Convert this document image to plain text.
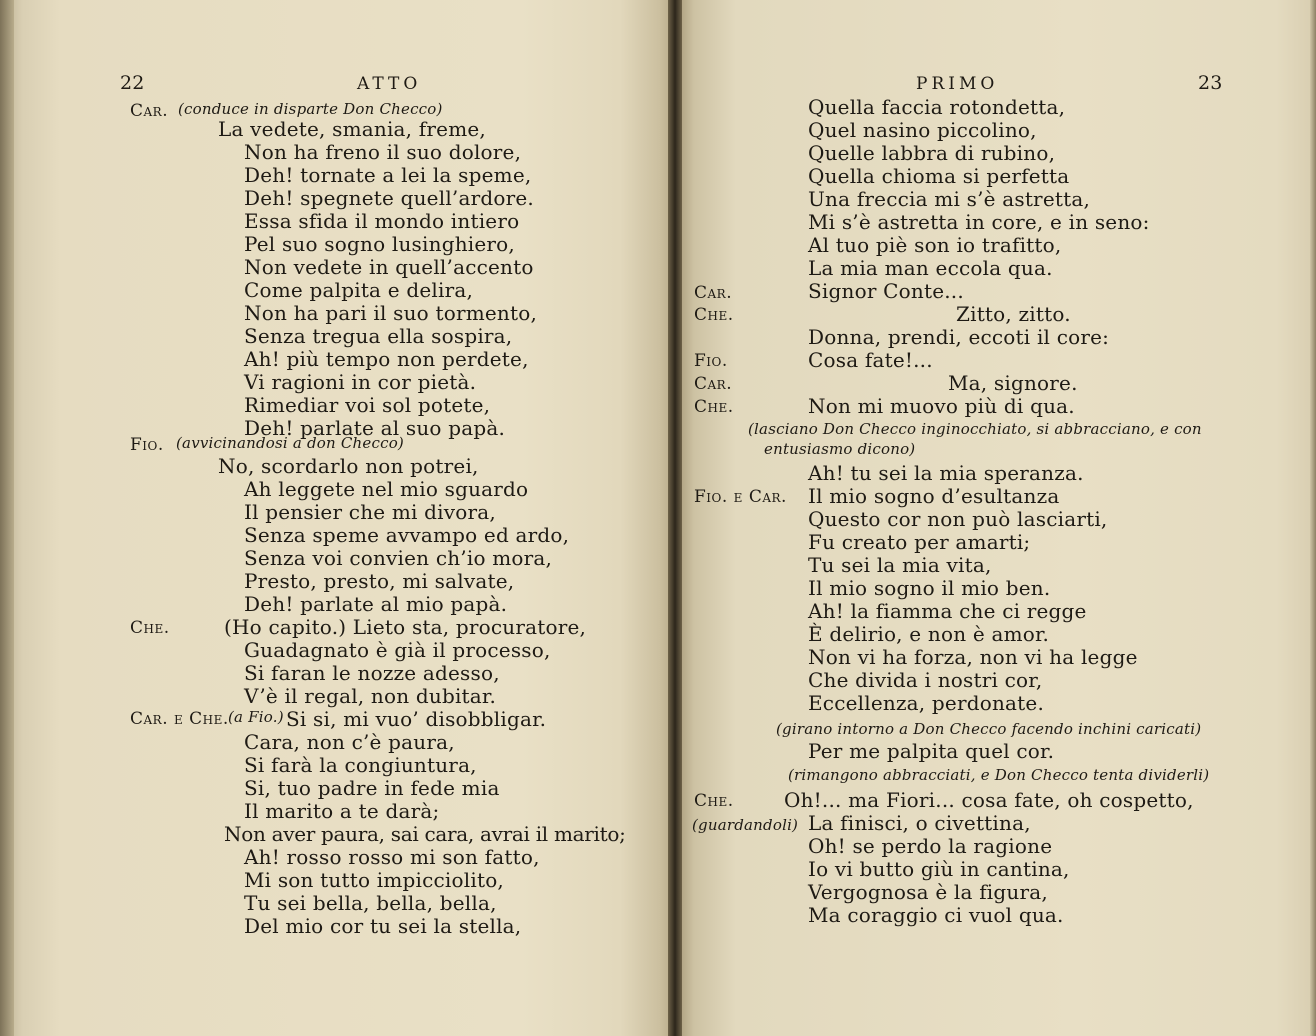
22	ATTO
Car. (conduce in disparte Don Checco)
La vedete, smania, freme,
Non ha freno il suo dolore,
Deh! tornate a lei la speme,
Deh! spegnete quell’ardore.
Essa sfida il mondo intiero
Pel suo sogno lusinghiero,
Non vedete in quell’accento
Come palpita e delira,
Non ha pari il suo tormento,
Senza tregua ella sospira,
Ah! più tempo non perdete,
Vi ragioni in cor pietà.
Rimediar voi sol potete,
Deh! parlate al suo papà.
Fio. (avvicinandosi a don Checco)
No, scordarlo non potrei,
Ah leggete nel mio sguardo
Il pensier che mi divora,
Senza speme avvampo ed ardo,
Senza voi convien ch’io mora,
Presto, presto, mi salvate,
Deh! parlate al mio papà.
Che.	(Ho capito.) Lieto sta, procuratore,
Guadagnato è già il processo,
Si faran le nozze adesso,
V’è il regal, non dubitar.
Car. e Che. (a Fio.) Si si, mi vuo’ disobbligar.
Cara, non c’è paura,
Si farà la congiuntura,
Si, tuo padre in fede mia
Il marito a te darà;
Non aver paura, sai cara, avrai il marito;
Ah! rosso rosso mi son fatto,
Mi son tutto impicciolito,
Tu sei bella, bella, bella,
Del mio cor tu sei la stella,
PRIMO	23
Quella faccia rotondetta,
Quel nasino piccolino,
Quelle labbra di rubino,
Quella chioma si perfetta
Una freccia mi s’è astretta,
Mi s’è astretta in core, e in seno:
Al tuo piè son io trafitto,
La mia man eccola qua.
Car.	Signor Conte...
Che.	Zitto, zitto.
Donna, prendi, eccoti il core:
Fio.	Cosa fate!...
Car.	Ma, signore.
Che.	Non mi muovo più di qua.
(lasciano Don Checco inginocchiato, si abbracciano, e con
entusiasmo dicono)
Ah! tu sei la mia speranza.
Fio. e Car. Il mio sogno d’esultanza
Questo cor non può lasciarti,
Fu creato per amarti;
Tu sei la mia vita,
Il mio sogno il mio ben.
Ah! la fiamma che ci regge
È delirio, e non è amor.
Non vi ha forza, non vi ha legge
Che divida i nostri cor,
Eccellenza, perdonate.
(girano intorno a Don Checco facendo inchini caricati)
Per me palpita quel cor.
(rimangono abbracciati, e Don Checco tenta dividerli)
Che.	Oh!... ma Fiori... cosa fate, oh cospetto,
(guardandoli) La finisci, o civettina,
Oh! se perdo la ragione
Io vi butto giù in cantina,
Vergognosa è la figura,
Ma coraggio ci vuol qua.
